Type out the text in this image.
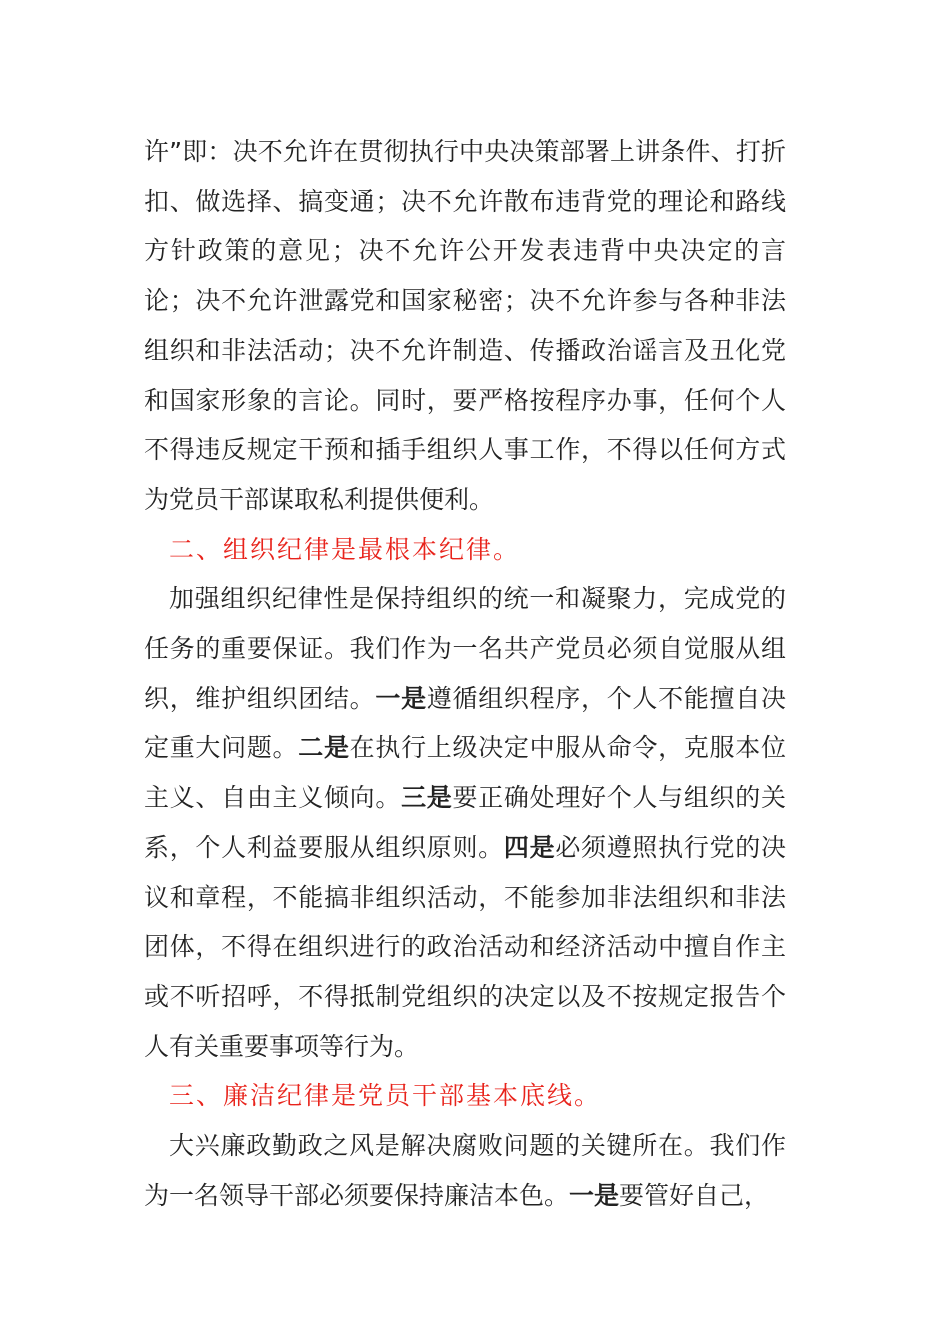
许”即：决不允许在贯彻执行中央决策部署上讲条件、打折扣、做选择、搞变通；决不允许散布违背党的理论和路线方针政策的意见；决不允许公开发表违背中央决定的言论；决不允许泄露党和国家秘密；决不允许参与各种非法组织和非法活动；决不允许制造、传播政治谣言及丑化党和国家形象的言论。同时，要严格按程序办事，任何个人不得违反规定干预和插手组织人事工作，不得以任何方式为党员干部谋取私利提供便利。

二、组织纪律是最根本纪律。

加强组织纪律性是保持组织的统一和凝聚力，完成党的任务的重要保证。我们作为一名共产党员必须自觉服从组织，维护组织团结。一是遵循组织程序，个人不能擅自决定重大问题。二是在执行上级决定中服从命令，克服本位主义、自由主义倾向。三是要正确处理好个人与组织的关系，个人利益要服从组织原则。四是必须遵照执行党的决议和章程，不能搞非组织活动，不能参加非法组织和非法团体，不得在组织进行的政治活动和经济活动中擅自作主或不听招呼，不得抵制党组织的决定以及不按规定报告个人有关重要事项等行为。

三、廉洁纪律是党员干部基本底线。

大兴廉政勤政之风是解决腐败问题的关键所在。我们作为一名领导干部必须要保持廉洁本色。一是要管好自己，
